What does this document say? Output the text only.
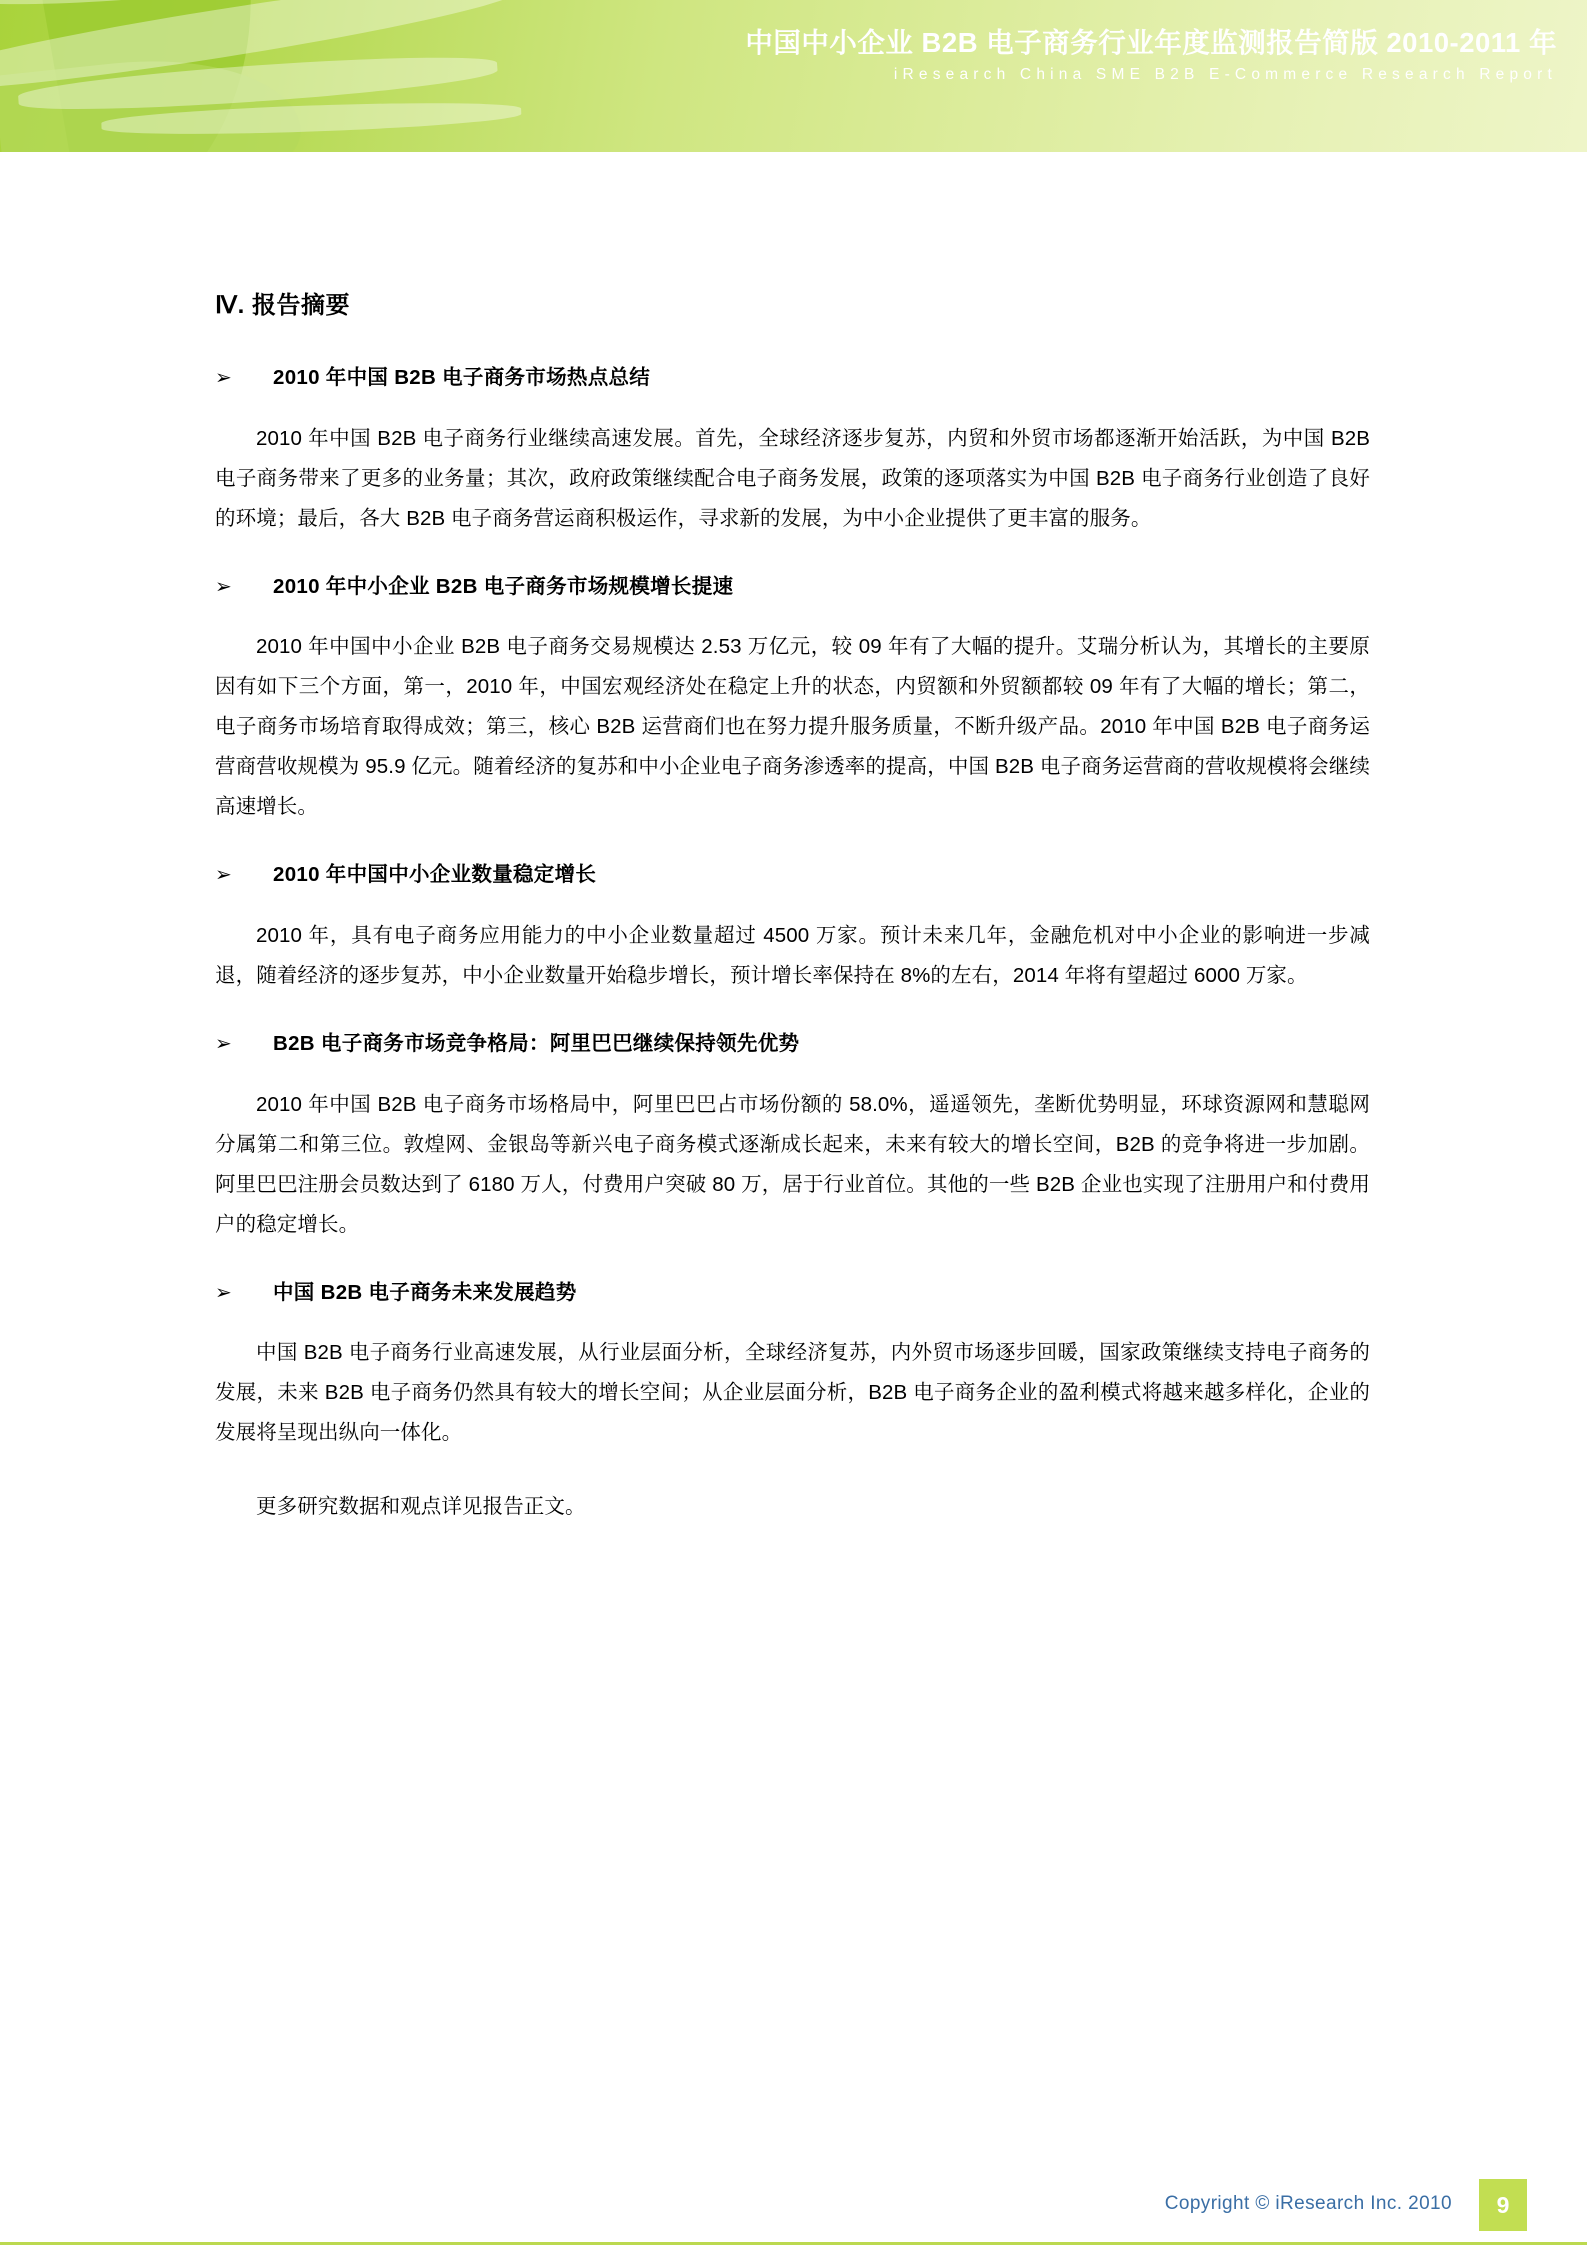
中国中小企业 B2B 电子商务行业年度监测报告简版 2010-2011 年
iResearch China SME B2B E-Commerce Research Report
Ⅳ. 报告摘要
➢	2010 年中国 B2B 电子商务市场热点总结

2010 年中国 B2B 电子商务行业继续高速发展。首先，全球经济逐步复苏，内贸和外贸市场都逐渐开始活跃，为中国 B2B 电子商务带来了更多的业务量；其次，政府政策继续配合电子商务发展，政策的逐项落实为中国 B2B 电子商务行业创造了良好的环境；最后，各大 B2B 电子商务营运商积极运作，寻求新的发展，为中小企业提供了更丰富的服务。

➢	2010 年中小企业 B2B 电子商务市场规模增长提速

2010 年中国中小企业 B2B 电子商务交易规模达 2.53 万亿元，较 09 年有了大幅的提升。艾瑞分析认为，其增长的主要原因有如下三个方面，第一，2010 年，中国宏观经济处在稳定上升的状态，内贸额和外贸额都较 09 年有了大幅的增长；第二，电子商务市场培育取得成效；第三，核心 B2B 运营商们也在努力提升服务质量，不断升级产品。2010 年中国 B2B 电子商务运营商营收规模为 95.9 亿元。随着经济的复苏和中小企业电子商务渗透率的提高，中国 B2B 电子商务运营商的营收规模将会继续高速增长。

➢	2010 年中国中小企业数量稳定增长

2010 年，具有电子商务应用能力的中小企业数量超过 4500 万家。预计未来几年，金融危机对中小企业的影响进一步减退，随着经济的逐步复苏，中小企业数量开始稳步增长，预计增长率保持在 8%的左右，2014 年将有望超过 6000 万家。

➢	B2B 电子商务市场竞争格局：阿里巴巴继续保持领先优势

2010 年中国 B2B 电子商务市场格局中，阿里巴巴占市场份额的 58.0%，遥遥领先，垄断优势明显，环球资源网和慧聪网分属第二和第三位。敦煌网、金银岛等新兴电子商务模式逐渐成长起来，未来有较大的增长空间，B2B 的竞争将进一步加剧。阿里巴巴注册会员数达到了 6180 万人，付费用户突破 80 万，居于行业首位。其他的一些 B2B 企业也实现了注册用户和付费用户的稳定增长。

➢	中国 B2B 电子商务未来发展趋势

中国 B2B 电子商务行业高速发展，从行业层面分析，全球经济复苏，内外贸市场逐步回暖，国家政策继续支持电子商务的发展，未来 B2B 电子商务仍然具有较大的增长空间；从企业层面分析，B2B 电子商务企业的盈利模式将越来越多样化，企业的发展将呈现出纵向一体化。

更多研究数据和观点详见报告正文。

Copyright © iResearch Inc. 2010 9
